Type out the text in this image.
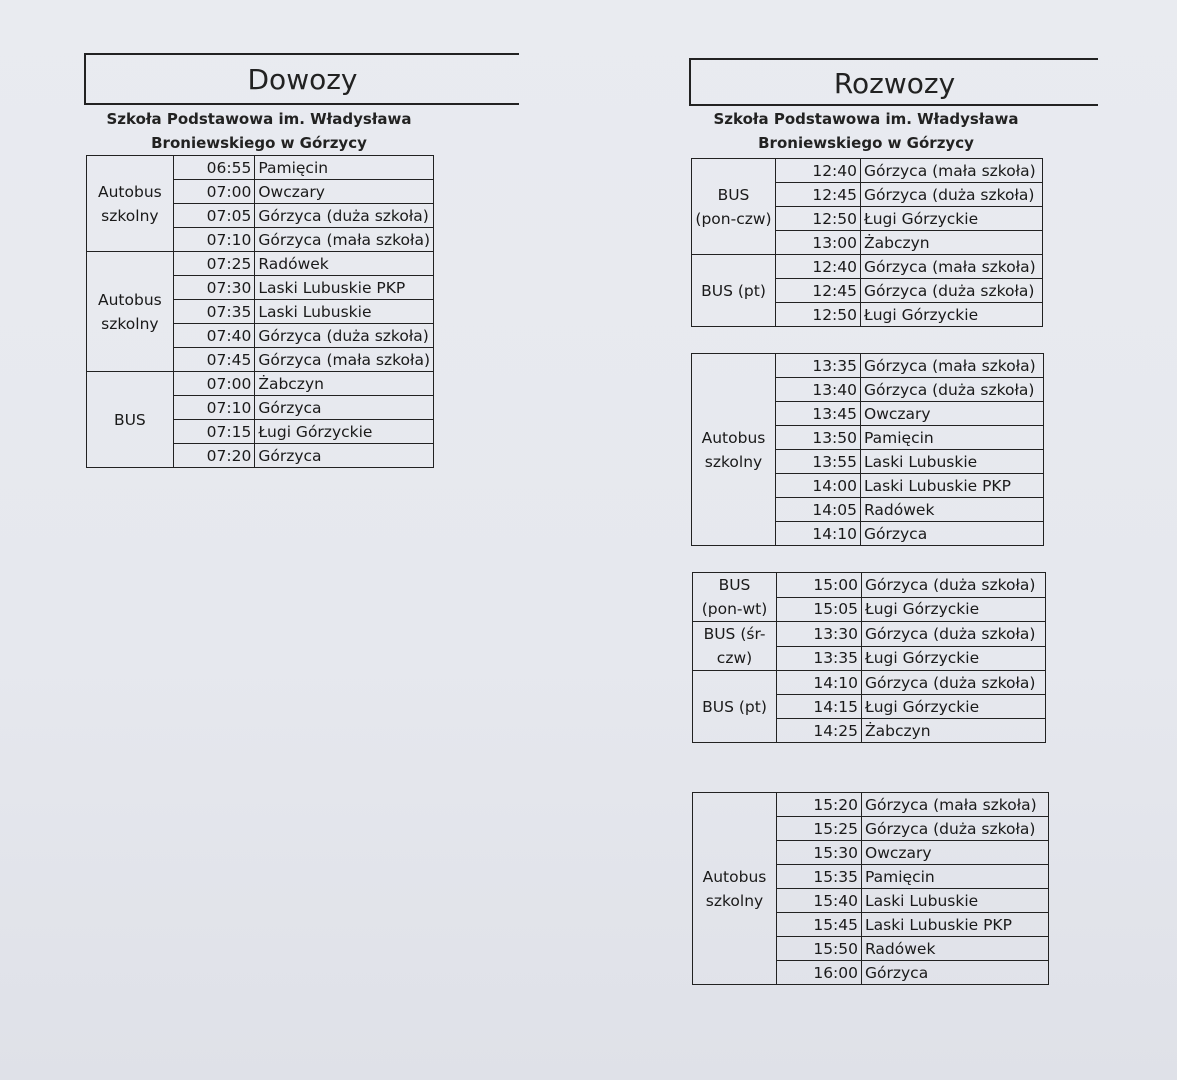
Dowozy
Szkoła Podstawowa im. Władysława
Broniewskiego w Górzycy
Autobus szkolny	06:55	Pamięcin
	07:00	Owczary
	07:05	Górzyca (duża szkoła)
	07:10	Górzyca (mała szkoła)
Autobus szkolny	07:25	Radówek
	07:30	Laski Lubuskie PKP
	07:35	Laski Lubuskie
	07:40	Górzyca (duża szkoła)
	07:45	Górzyca (mała szkoła)
BUS	07:00	Żabczyn
	07:10	Górzyca
	07:15	Ługi Górzyckie
	07:20	Górzyca
Rozwozy
Szkoła Podstawowa im. Władysława
Broniewskiego w Górzycy
BUS (pon-czw)	12:40	Górzyca (mała szkoła)
	12:45	Górzyca (duża szkoła)
	12:50	Ługi Górzyckie
	13:00	Żabczyn
BUS (pt)	12:40	Górzyca (mała szkoła)
	12:45	Górzyca (duża szkoła)
	12:50	Ługi Górzyckie
Autobus szkolny	13:35	Górzyca (mała szkoła)
	13:40	Górzyca (duża szkoła)
	13:45	Owczary
	13:50	Pamięcin
	13:55	Laski Lubuskie
	14:00	Laski Lubuskie PKP
	14:05	Radówek
	14:10	Górzyca
BUS (pon-wt)	15:00	Górzyca (duża szkoła)
	15:05	Ługi Górzyckie
BUS (śr-czw)	13:30	Górzyca (duża szkoła)
	13:35	Ługi Górzyckie
BUS (pt)	14:10	Górzyca (duża szkoła)
	14:15	Ługi Górzyckie
	14:25	Żabczyn
Autobus szkolny	15:20	Górzyca (mała szkoła)
	15:25	Górzyca (duża szkoła)
	15:30	Owczary
	15:35	Pamięcin
	15:40	Laski Lubuskie
	15:45	Laski Lubuskie PKP
	15:50	Radówek
	16:00	Górzyca
